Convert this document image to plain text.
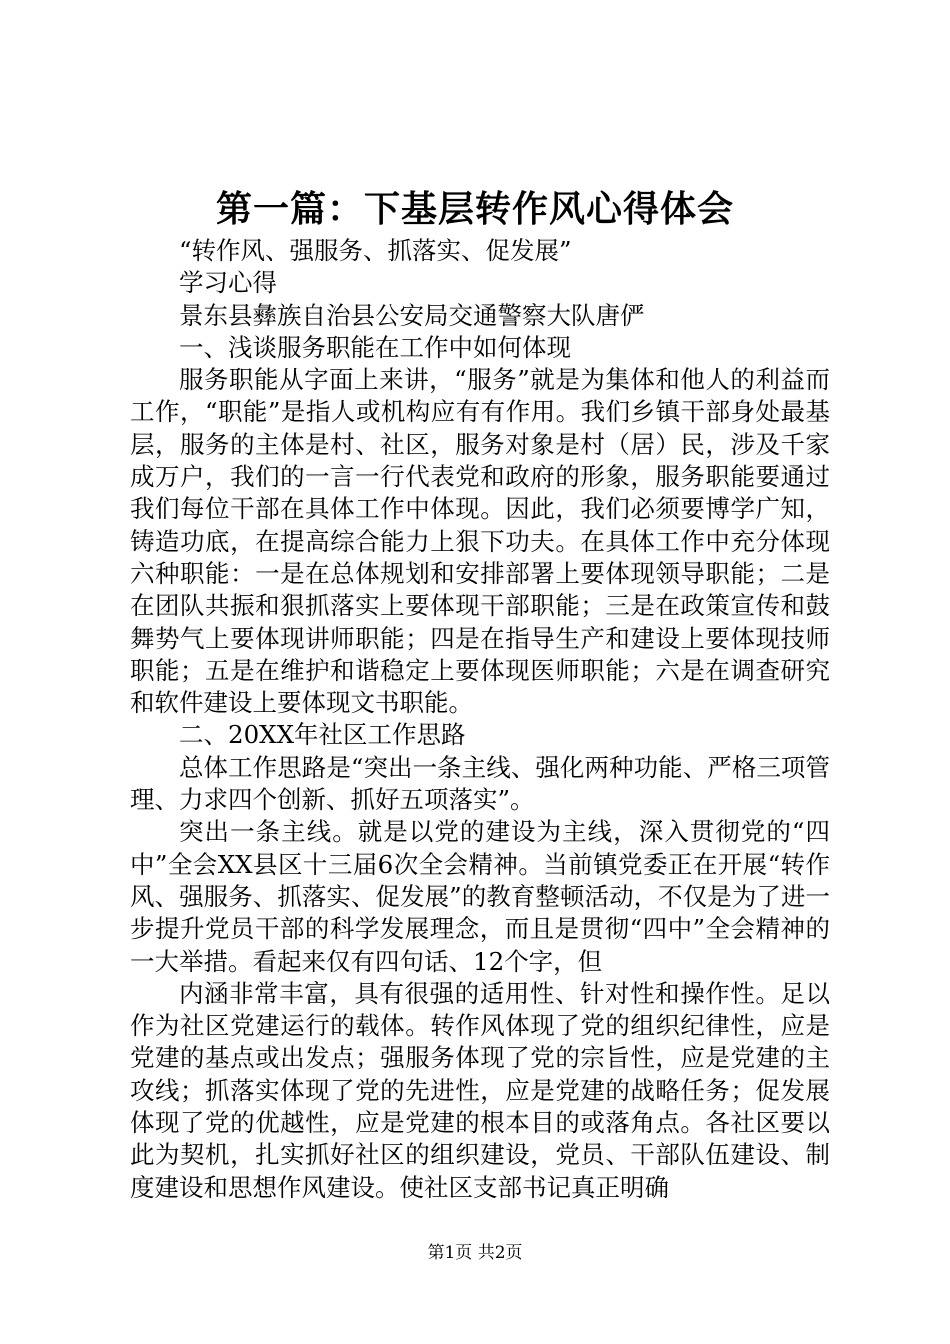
第一篇：下基层转作风心得体会

“转作风、强服务、抓落实、促发展”

学习心得

景东县彝族自治县公安局交通警察大队唐俨

一、浅谈服务职能在工作中如何体现

服务职能从字面上来讲，“服务”就是为集体和他人的利益而工作，“职能”是指人或机构应有有作用。我们乡镇干部身处最基层，服务的主体是村、社区，服务对象是村（居）民，涉及千家成万户，我们的一言一行代表党和政府的形象，服务职能要通过我们每位干部在具体工作中体现。因此，我们必须要博学广知，铸造功底，在提高综合能力上狠下功夫。在具体工作中充分体现六种职能：一是在总体规划和安排部署上要体现领导职能；二是在团队共振和狠抓落实上要体现干部职能；三是在政策宣传和鼓舞势气上要体现讲师职能；四是在指导生产和建设上要体现技师职能；五是在维护和谐稳定上要体现医师职能；六是在调查研究和软件建设上要体现文书职能。

二、20XX年社区工作思路

总体工作思路是“突出一条主线、强化两种功能、严格三项管理、力求四个创新、抓好五项落实”。

突出一条主线。就是以党的建设为主线，深入贯彻党的“四中”全会XX县区十三届6次全会精神。当前镇党委正在开展“转作风、强服务、抓落实、促发展”的教育整顿活动，不仅是为了进一步提升党员干部的科学发展理念，而且是贯彻“四中”全会精神的一大举措。看起来仅有四句话、12个字，但

内涵非常丰富，具有很强的适用性、针对性和操作性。足以作为社区党建运行的载体。转作风体现了党的组织纪律性，应是党建的基点或出发点；强服务体现了党的宗旨性，应是党建的主攻线；抓落实体现了党的先进性，应是党建的战略任务；促发展体现了党的优越性，应是党建的根本目的或落角点。各社区要以此为契机，扎实抓好社区的组织建设，党员、干部队伍建设、制度建设和思想作风建设。使社区支部书记真正明确

第1页 共2页
